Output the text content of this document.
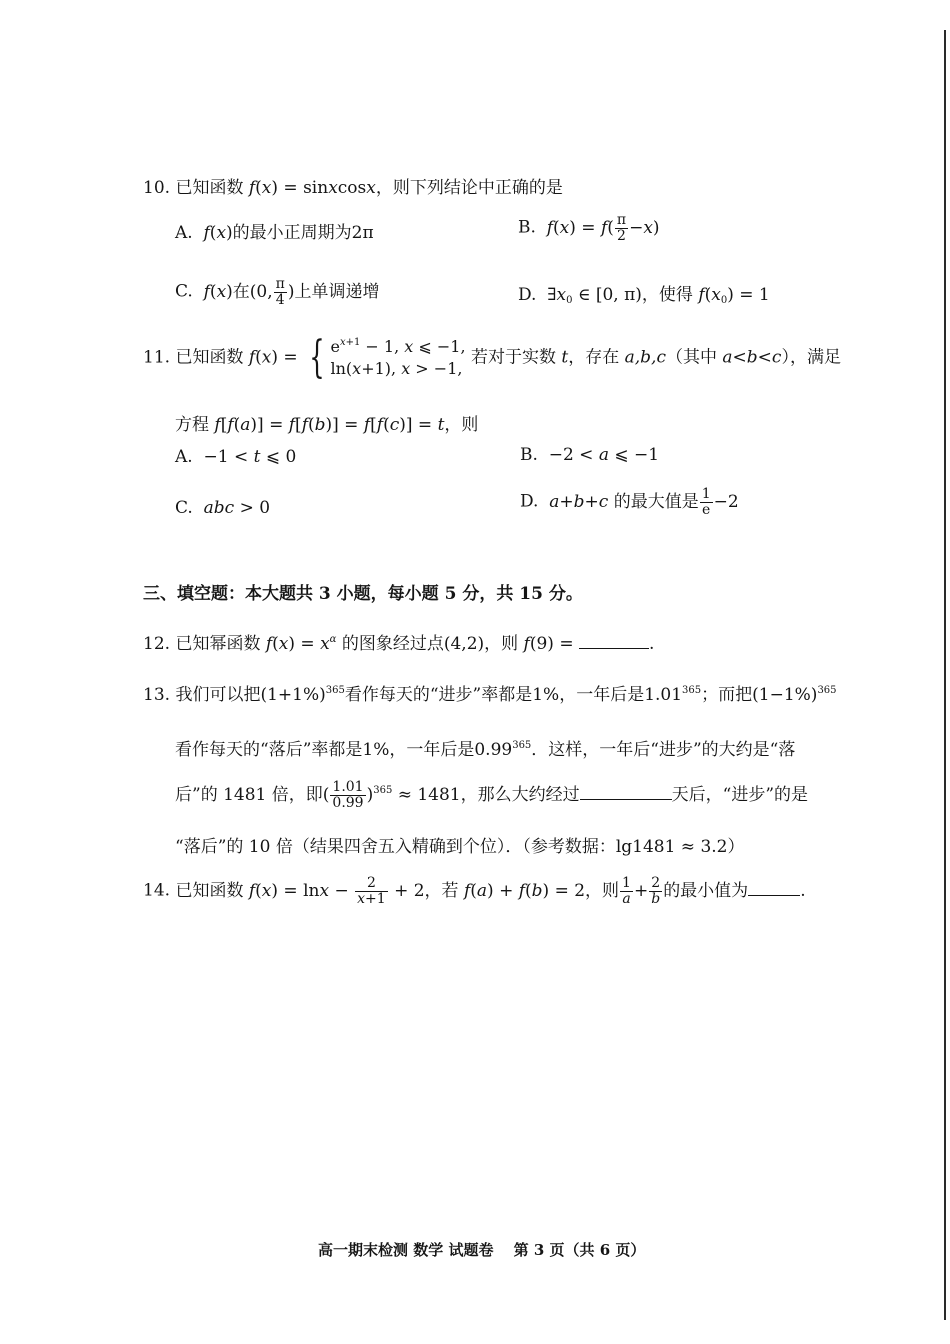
10. 已知函数 f(x) = sinxcosx，则下列结论中正确的是
A. f(x)的最小正周期为2π	B. $f(x) = f( \frac{\pi}{2} -x)$
C. f(x)在(0, $\frac{\pi}{4}$ )上单调递增	D.  $\exists x_0$ ∈ [0, π)，使得 $f(x_0) = 1$
11. 已知函数 f(x) = { $e^{x+1} - 1$, x ⩽ −1,
ln(x+1), x > −1,
若对于实数 t，存在 a,b,c（其中 a<b<c），满足
方程 f[f(a)] = f[f(b)] = f[f(c)] = t，则
A.  −1 < t ⩽ 0	B.  −2 < a ⩽ −1
C. abc > 0	D. a+b+c 的最大值是 $\frac{1}{e} -2$
三、填空题：本大题共 3 小题，每小题 5 分，共 15 分。
12. 已知幂函数 $f(x) = x^\alpha$ 的图象经过点(4,2)，则 f(9) =	.
13. 我们可以把$(1+1\%)^{365}$看作每天的“进步”率都是1%，一年后是1.01$^{365}$；而把$(1-1\%)^{365}$
看作每天的“落后”率都是1%，一年后是0.99$^{365}$．这样，一年后“进步”的大约是“落
后”的 1481 倍，即( $\frac{1.01}{0.99} )^{365} \approx 1481$，那么大约经过	天后，“进步”的是
“落后”的 10 倍（结果四舍五入精确到个位）．（参考数据：lg1481 ≈ 3.2）
14. 已知函数 $f(x) = \ln x - \frac{2}{x+1} + 2$，若 f(a) + f(b) = 2，则 $\frac{1}{a} + \frac{2}{b}$ 的最小值为	.
高一期末检测 数学 试题卷　 第 3 页（共 6 页）
